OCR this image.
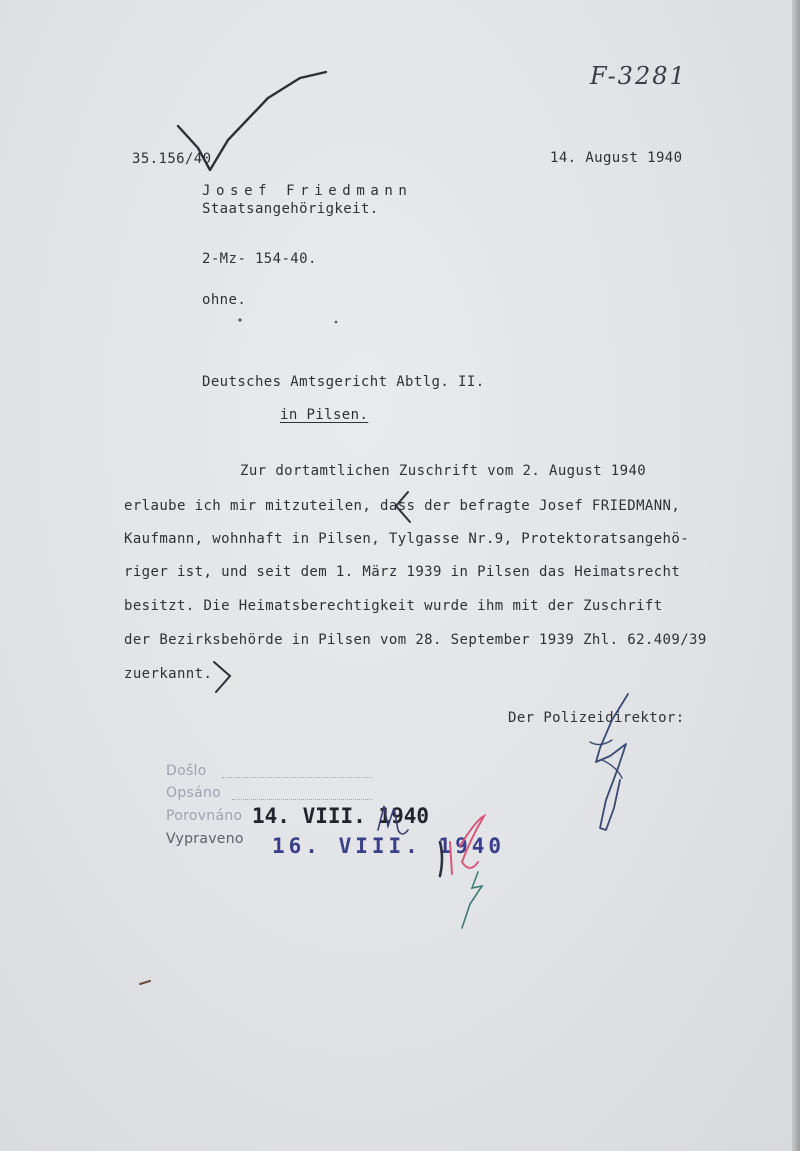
F-3281
35.156/40	14. August 1940
Josef Friedmann
Staatsangehörigkeit.
2-Mz- 154-40.
ohne.
Deutsches Amtsgericht Abtlg. II.
in Pilsen.
Zur dortamtlichen Zuschrift vom 2. August 1940
erlaube ich mir mitzuteilen, dass der befragte Josef FRIEDMANN,
Kaufmann, wohnhaft in Pilsen, Tylgasse Nr.9, Protektoratsangehö-
riger ist, und seit dem 1. März 1939 in Pilsen das Heimatsrecht
besitzt. Die Heimatsberechtigkeit wurde ihm mit der Zuschrift
der Bezirksbehörde in Pilsen vom 28. September 1939 Zhl. 62.409/39
zuerkannt.
Der Polizeidirektor:
Došlo
Opsáno
Porovnáno
Vypraveno
14. VIII. 1940
16. VIII. 1940
